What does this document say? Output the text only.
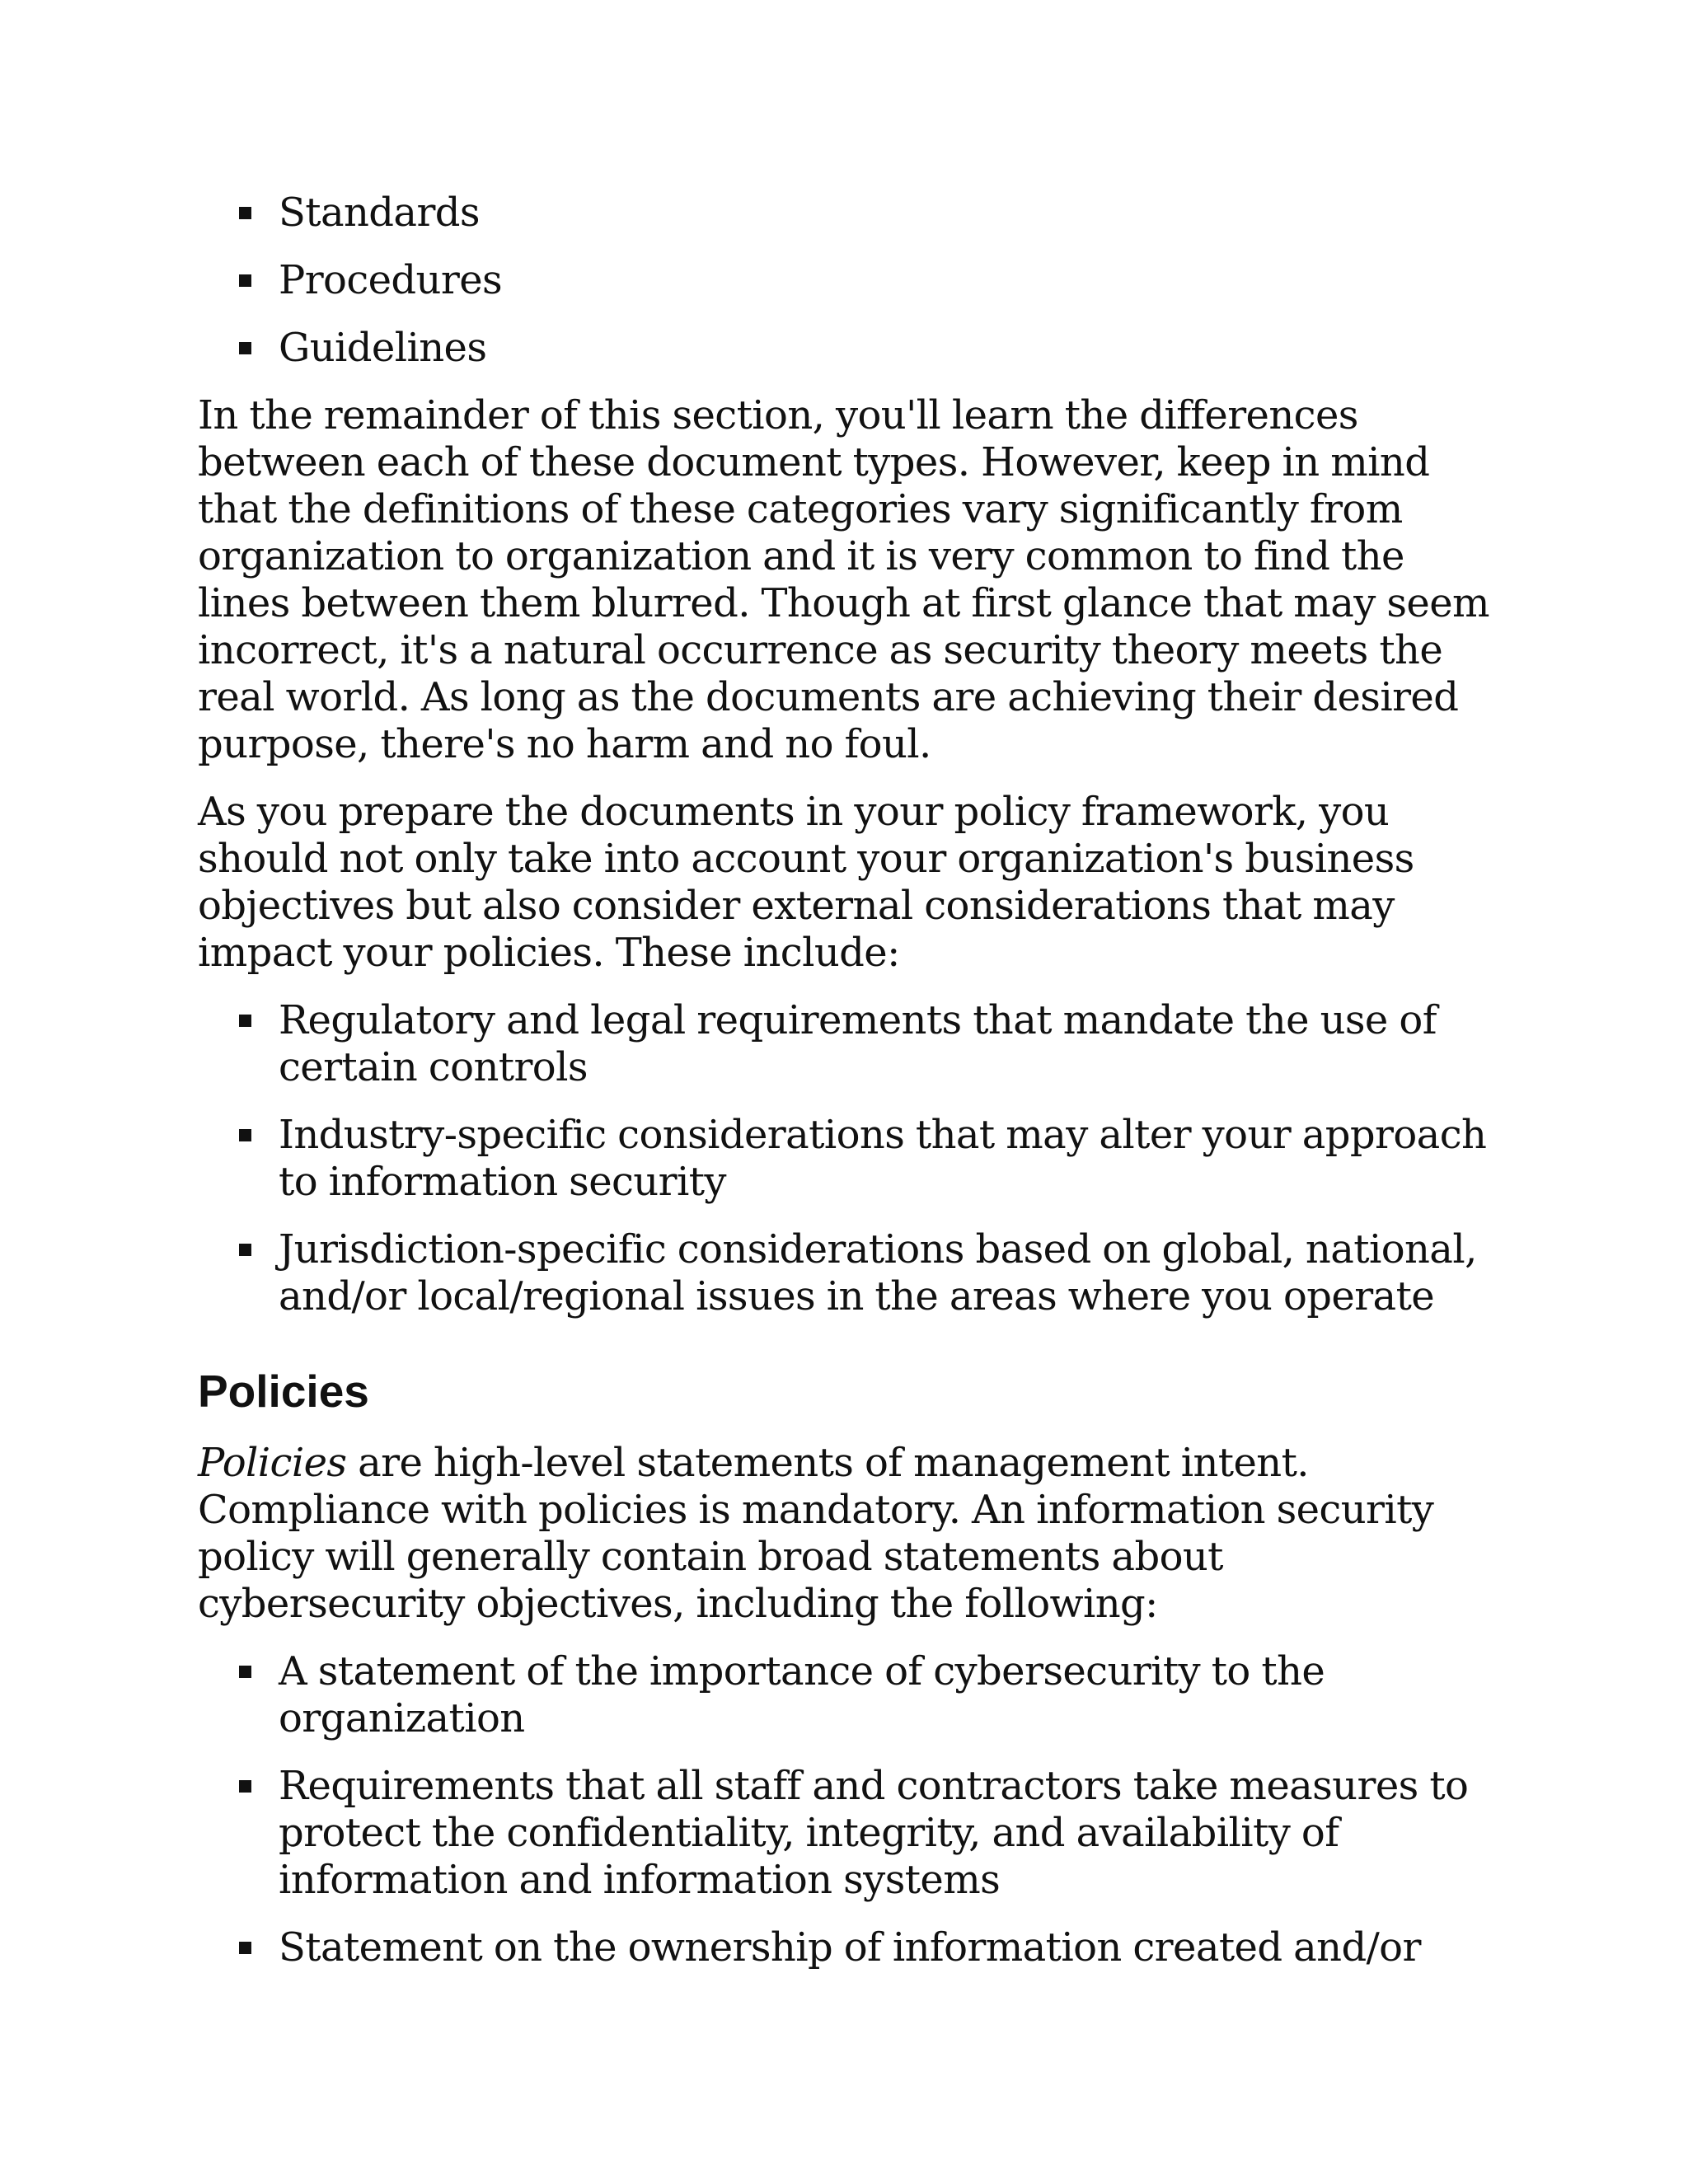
Standards
Procedures
Guidelines

In the remainder of this section, you'll learn the differences between each of these document types. However, keep in mind that the definitions of these categories vary significantly from organization to organization and it is very common to find the lines between them blurred. Though at first glance that may seem incorrect, it's a natural occurrence as security theory meets the real world. As long as the documents are achieving their desired purpose, there's no harm and no foul.

As you prepare the documents in your policy framework, you should not only take into account your organization's business objectives but also consider external considerations that may impact your policies. These include:

Regulatory and legal requirements that mandate the use of certain controls
Industry-specific considerations that may alter your approach to information security
Jurisdiction-specific considerations based on global, national, and/or local/regional issues in the areas where you operate
Policies

Policies are high-level statements of management intent. Compliance with policies is mandatory. An information security policy will generally contain broad statements about cybersecurity objectives, including the following:

A statement of the importance of cybersecurity to the organization
Requirements that all staff and contractors take measures to protect the confidentiality, integrity, and availability of information and information systems
Statement on the ownership of information created and/or
